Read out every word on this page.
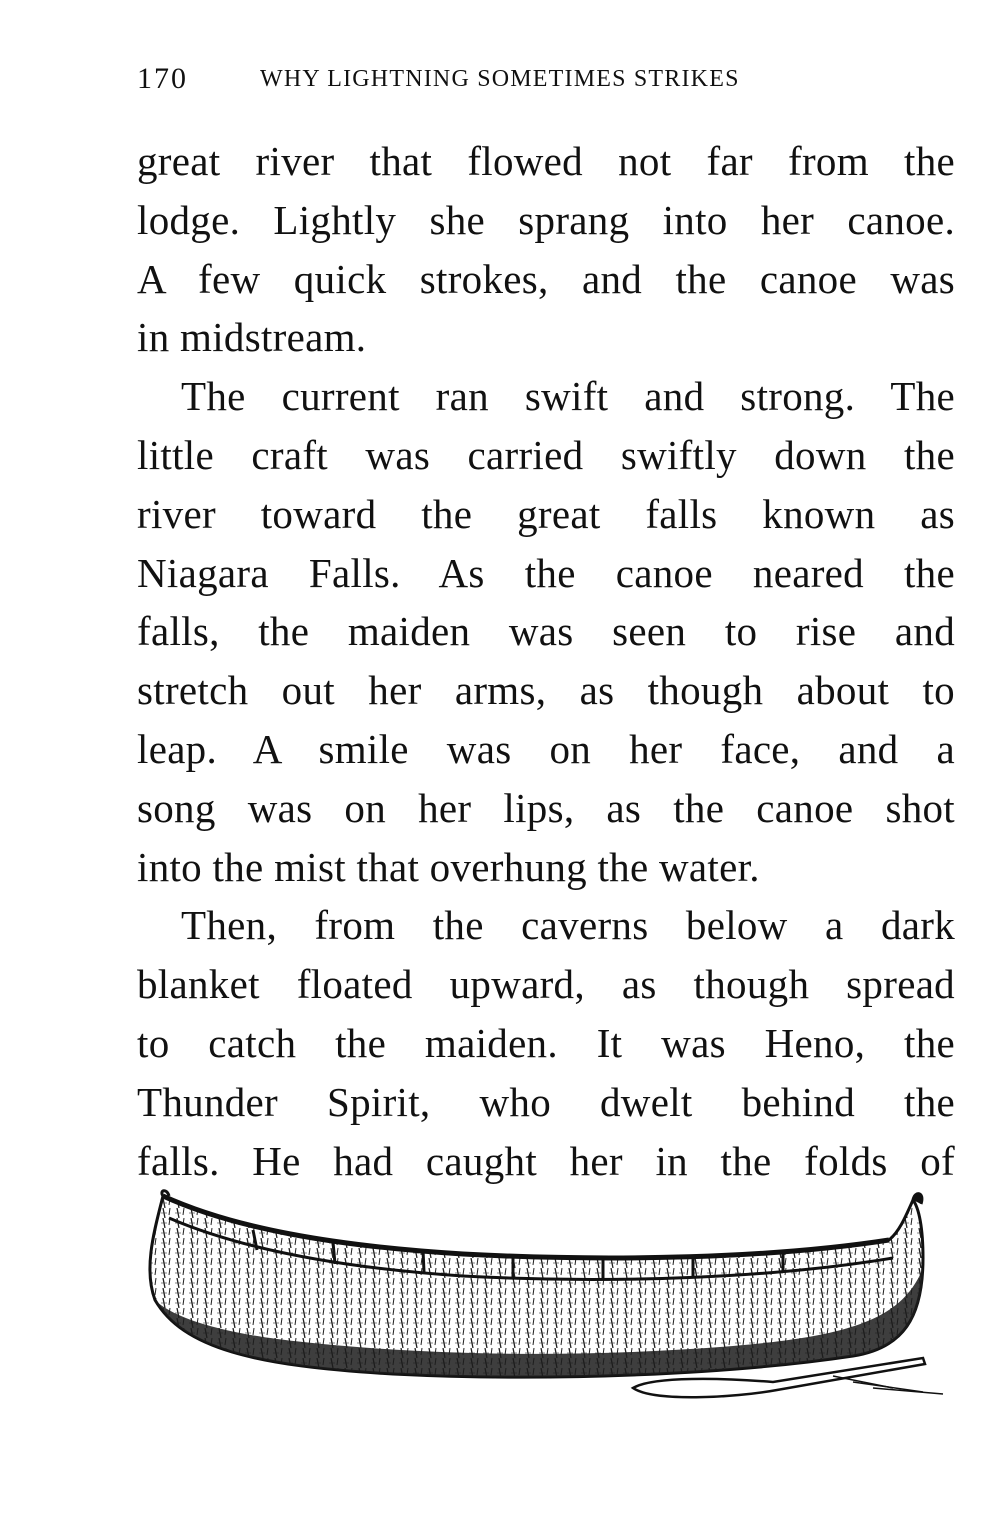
170	WHY LIGHTNING SOMETIMES STRIKES
great river that flowed not far from the
lodge. Lightly she sprang into her canoe.
A few quick strokes, and the canoe was
in midstream.
The current ran swift and strong. The
little craft was carried swiftly down the
river toward the great falls known as
Niagara Falls. As the canoe neared the
falls, the maiden was seen to rise and
stretch out her arms, as though about to
leap. A smile was on her face, and a
song was on her lips, as the canoe shot
into the mist that overhung the water.
Then, from the caverns below a dark
blanket floated upward, as though spread
to catch the maiden. It was Heno, the
Thunder Spirit, who dwelt behind the
falls. He had caught her in the folds of
